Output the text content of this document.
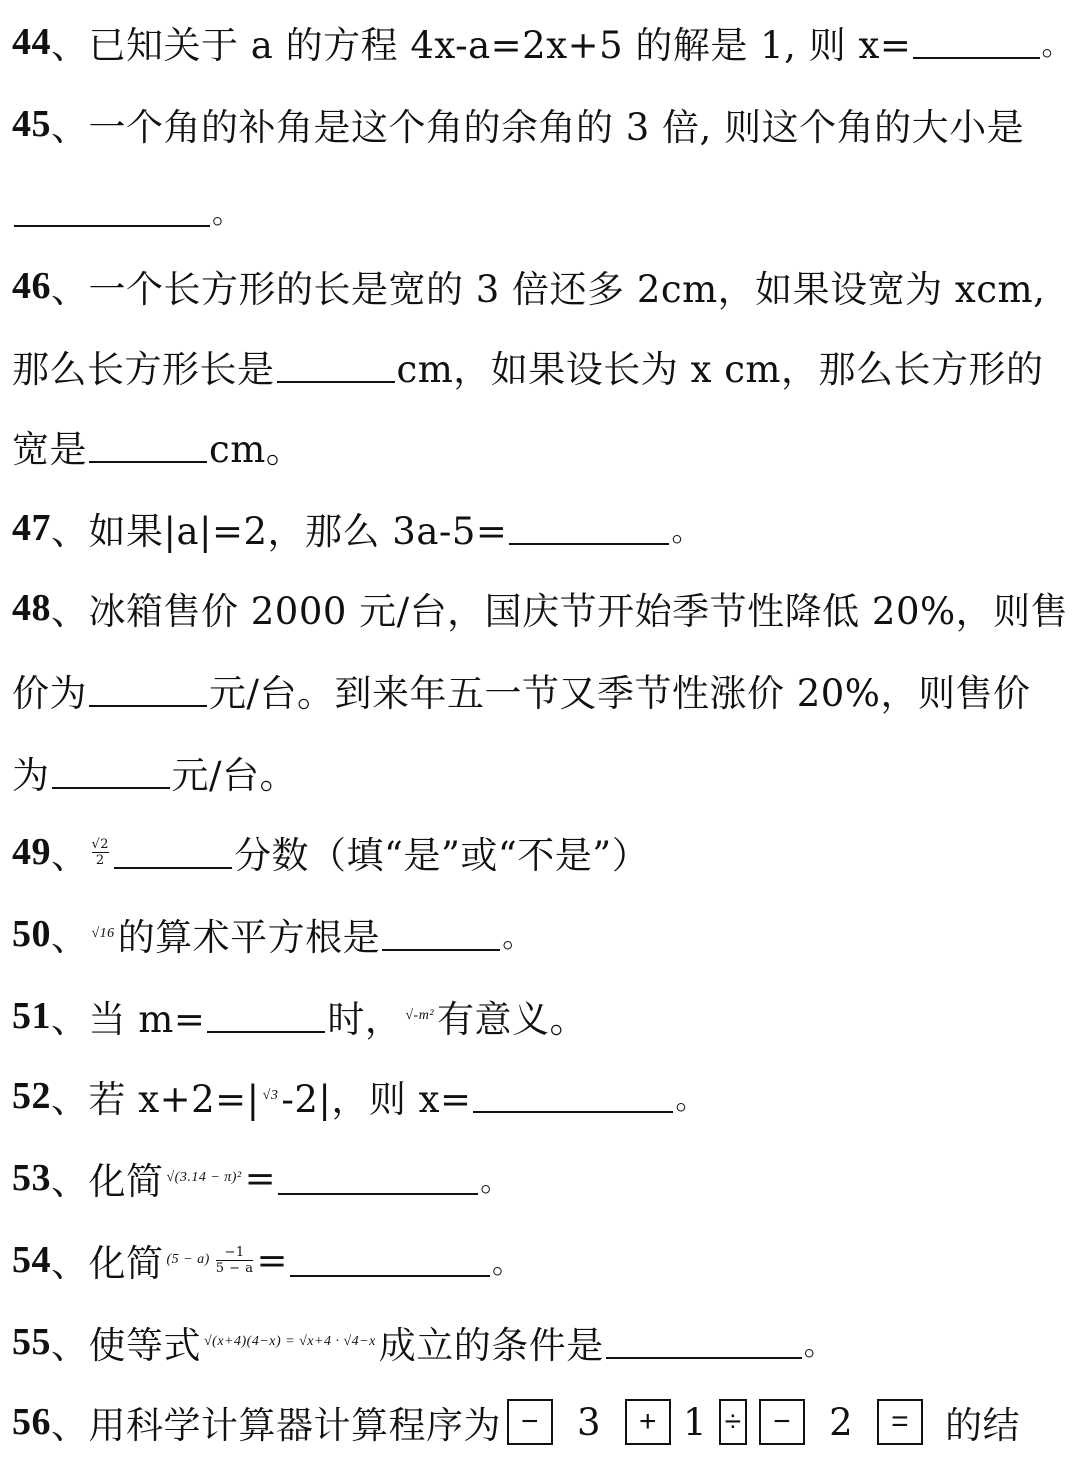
44 、已知关于 a 的方程 4x-a=2x+5 的解是 1, 则 x=	。
45 、一个角的补角是这个角的余角的 3 倍, 则这个角的大小是
。
46 、一个长方形的长是宽的 3 倍还多 2cm，如果设宽为 xcm,
那么长方形长是	cm，如果设长为 x cm，那么长方形的
宽是	cm。
47 、如果|a|=2，那么 3a-5=	。
48 、冰箱售价 2000 元/台，国庆节开始季节性降低 20%，则售
价为	元/台。到来年五一节又季节性涨价 20%，则售价
为	元/台。
49 、 $\frac{√2}{2}$	分数（填“是”或“不是”）
50 、 √16 的算术平方根是	。
51 、当 m=	时， √-m² 有意义。
52 、若 x+2=| √3 -2|，则 x=	。
53 、化简 √(3.14 − π)² =	。
54 、化简 $(5 - a) \frac{-1}{5 - a}$ =	。
55 、使等式 √(x+4)(4−x) = √x+4 · √4−x 成立的条件是	。
56 、用科学计算器计算程序为 −	3	+ 1 ÷	−	2	= 的结
